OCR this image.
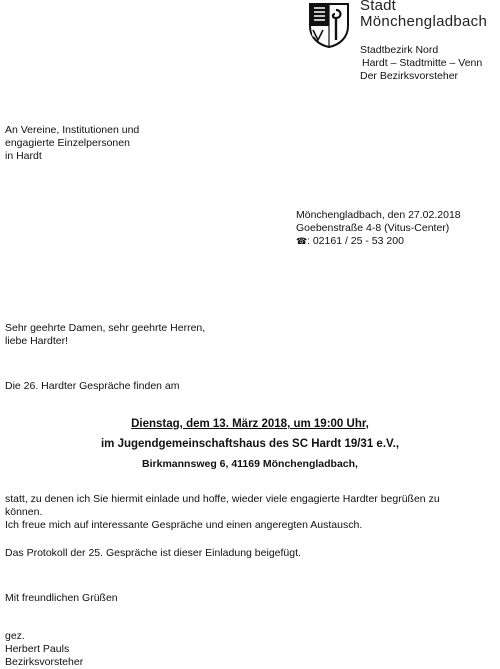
Stadt
Mönchengladbach
Stadtbezirk Nord
Hardt – Stadtmitte – Venn
Der Bezirksvorsteher
An Vereine, Institutionen und
engagierte Einzelpersonen
in Hardt
Mönchengladbach, den 27.02.2018
Goebenstraße 4-8 (Vitus-Center)
☎: 02161 / 25 - 53 200
Sehr geehrte Damen, sehr geehrte Herren,
liebe Hardter!
Die 26. Hardter Gespräche finden am
Dienstag, dem 13. März 2018, um 19:00 Uhr,
im Jugendgemeinschaftshaus des SC Hardt 19/31 e.V.,
Birkmannsweg 6, 41169 Mönchengladbach,
statt, zu denen ich Sie hiermit einlade und hoffe, wieder viele engagierte Hardter begrüßen zu
können.
Ich freue mich auf interessante Gespräche und einen angeregten Austausch.
Das Protokoll der 25. Gespräche ist dieser Einladung beigefügt.
Mit freundlichen Grüßen
gez.
Herbert Pauls
Bezirksvorsteher
